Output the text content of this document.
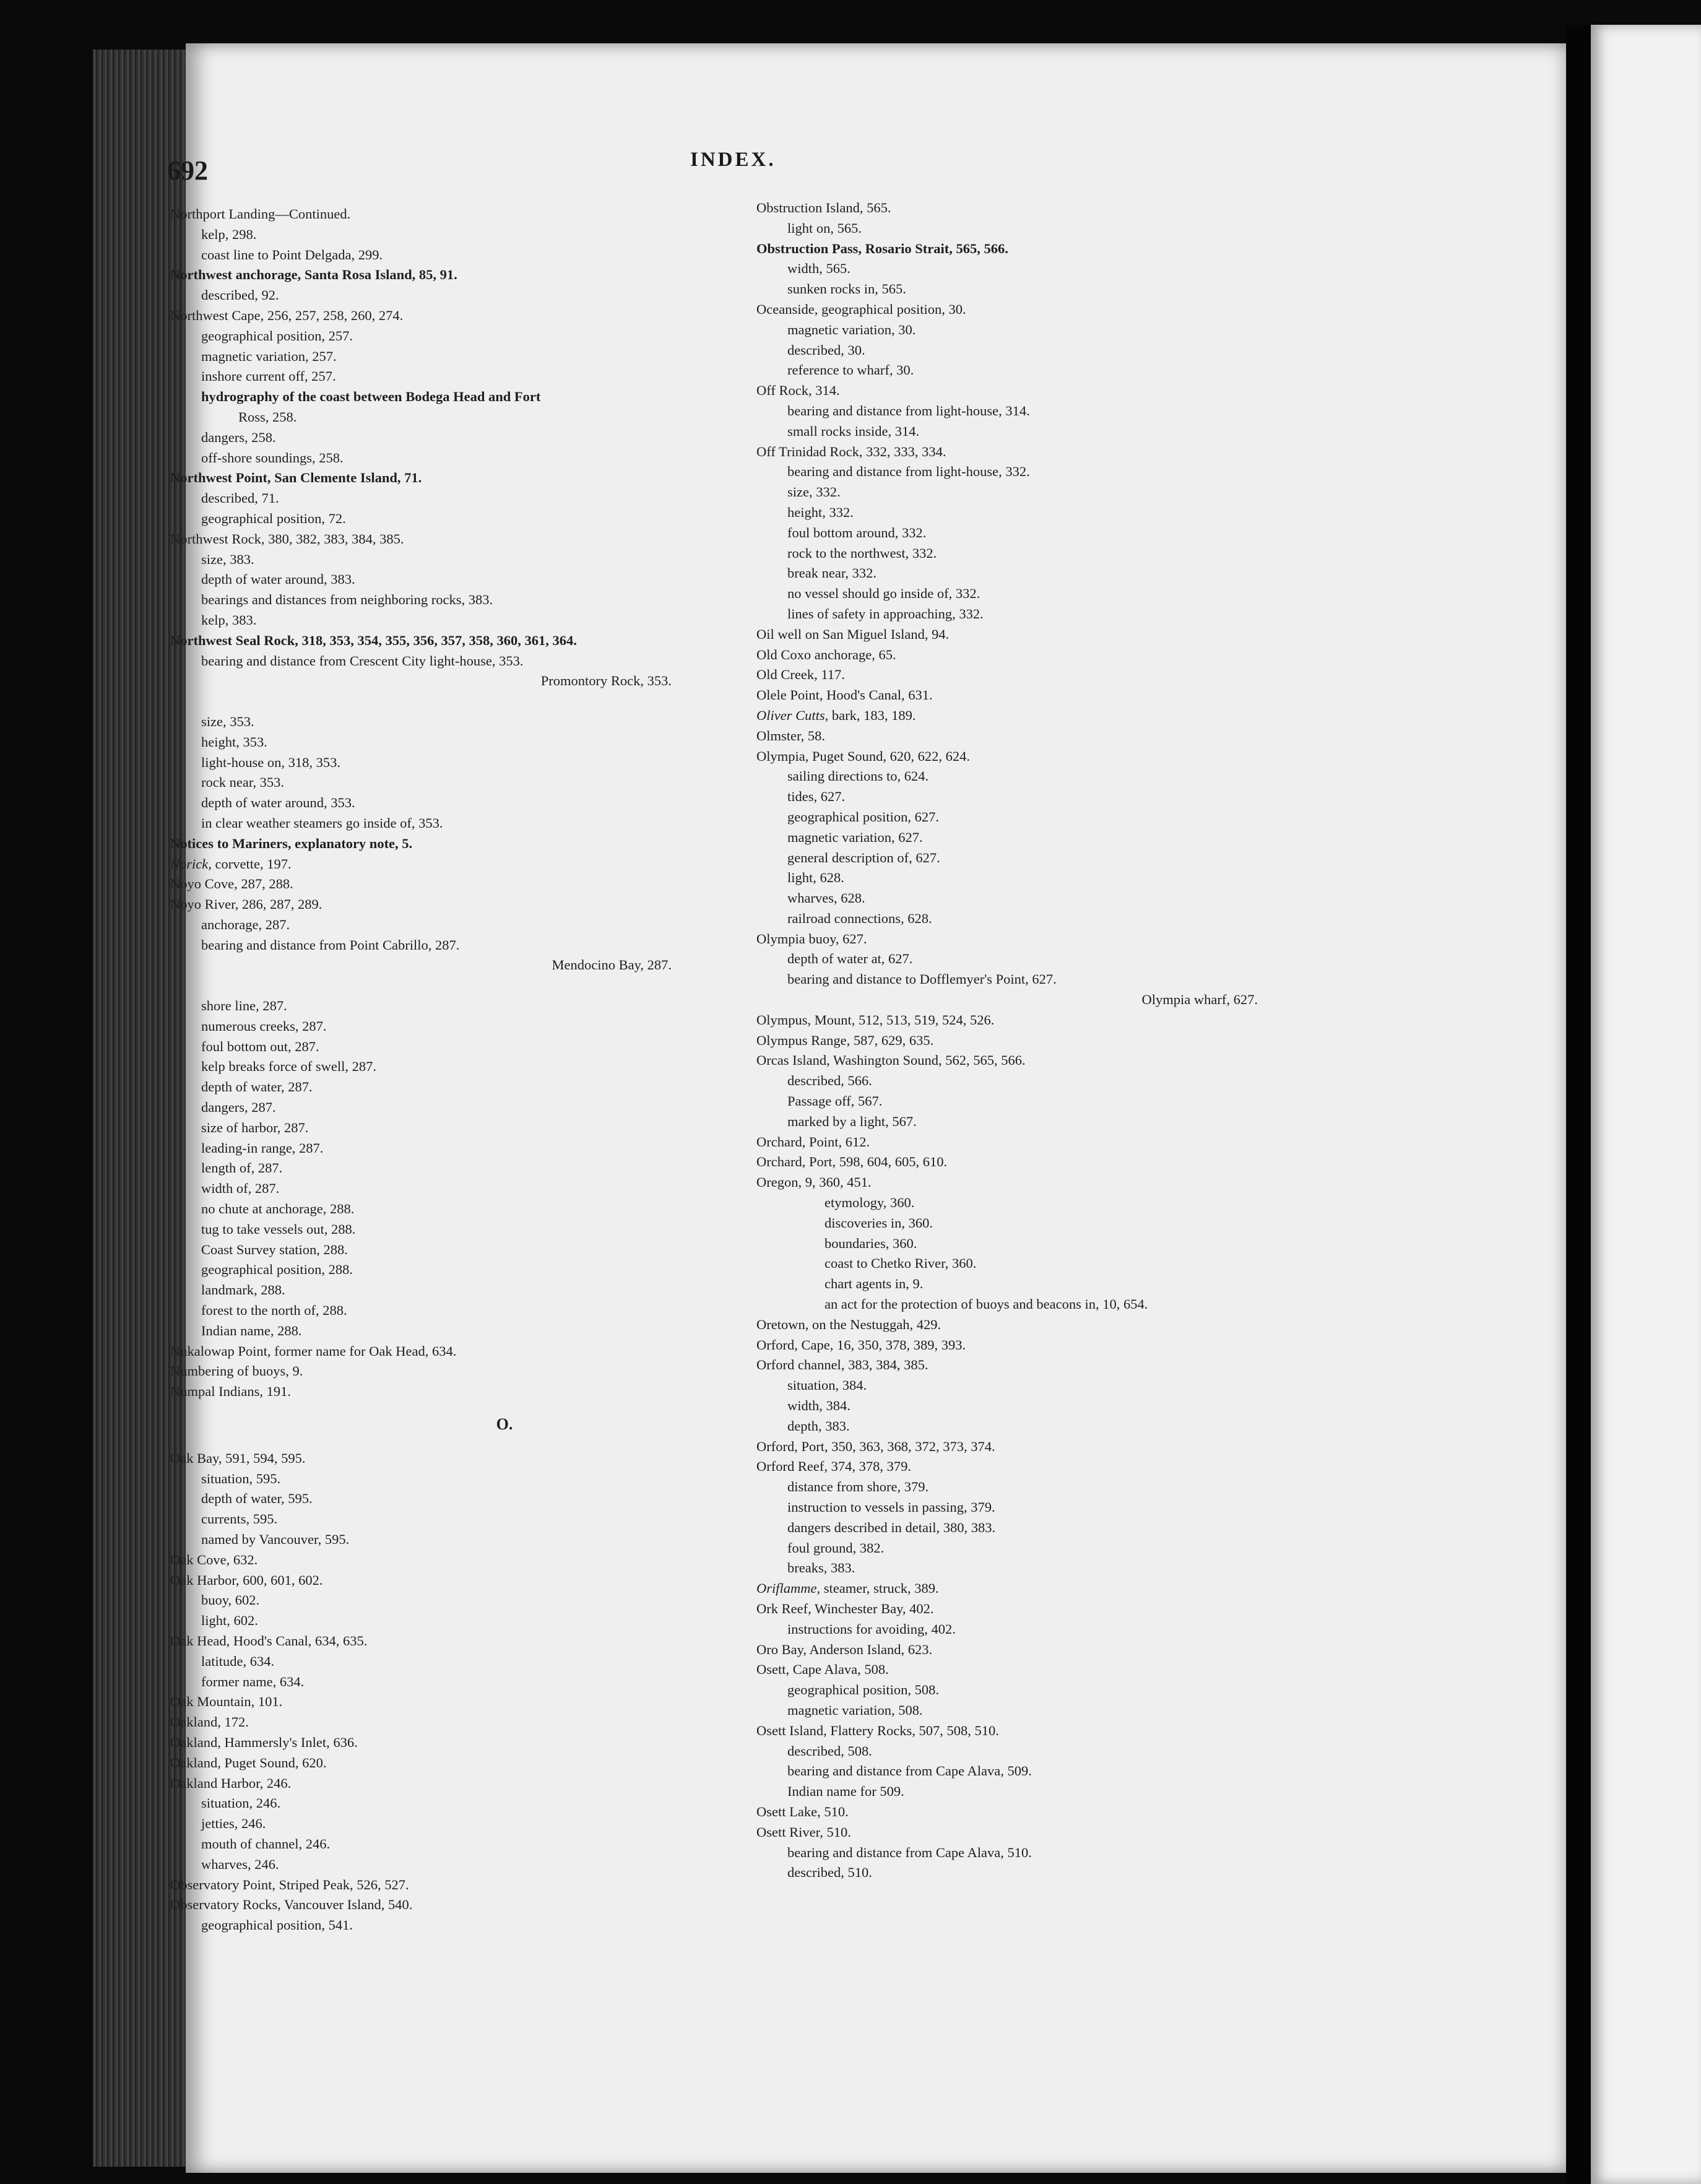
692	INDEX.

Northport Landing—Continued.
kelp, 298.
coast line to Point Delgada, 299.
Northwest anchorage, Santa Rosa Island, 85, 91.
described, 92.
Northwest Cape, 256, 257, 258, 260, 274.
geographical position, 257.
magnetic variation, 257.
inshore current off, 257.
hydrography of the coast between Bodega Head and Fort
Ross, 258.
dangers, 258.
off-shore soundings, 258.
Northwest Point, San Clemente Island, 71.
described, 71.
geographical position, 72.
Northwest Rock, 380, 382, 383, 384, 385.
size, 383.
depth of water around, 383.
bearings and distances from neighboring rocks, 383.
kelp, 383.
Northwest Seal Rock, 318, 353, 354, 355, 356, 357, 358, 360, 361, 364.
bearing and distance from Crescent City light-house, 353.
Promontory Rock, 353.

size, 353.
height, 353.
light-house on, 318, 353.
rock near, 353.
depth of water around, 353.
in clear weather steamers go inside of, 353.
Notices to Mariners, explanatory note, 5.
Norick, corvette, 197.
Noyo Cove, 287, 288.
Noyo River, 286, 287, 289.
anchorage, 287.
bearing and distance from Point Cabrillo, 287.
Mendocino Bay, 287.

shore line, 287.
numerous creeks, 287.
foul bottom out, 287.
kelp breaks force of swell, 287.
depth of water, 287.
dangers, 287.
size of harbor, 287.
leading-in range, 287.
length of, 287.
width of, 287.
no chute at anchorage, 288.
tug to take vessels out, 288.
Coast Survey station, 288.
geographical position, 288.
landmark, 288.
forest to the north of, 288.
Indian name, 288.
Nukalowap Point, former name for Oak Head, 634.
Numbering of buoys, 9.
Numpal Indians, 191.
O.
Oak Bay, 591, 594, 595.
situation, 595.
depth of water, 595.
currents, 595.
named by Vancouver, 595.
Oak Cove, 632.
Oak Harbor, 600, 601, 602.
buoy, 602.
light, 602.
Oak Head, Hood's Canal, 634, 635.
latitude, 634.
former name, 634.
Oak Mountain, 101.
Oakland, 172.
Oakland, Hammersly's Inlet, 636.
Oakland, Puget Sound, 620.
Oakland Harbor, 246.
situation, 246.
jetties, 246.
mouth of channel, 246.
wharves, 246.
Observatory Point, Striped Peak, 526, 527.
Observatory Rocks, Vancouver Island, 540.
geographical position, 541.
Obstruction Island, 565.
light on, 565.
Obstruction Pass, Rosario Strait, 565, 566.
width, 565.
sunken rocks in, 565.
Oceanside, geographical position, 30.
magnetic variation, 30.
described, 30.
reference to wharf, 30.
Off Rock, 314.
bearing and distance from light-house, 314.
small rocks inside, 314.
Off Trinidad Rock, 332, 333, 334.
bearing and distance from light-house, 332.
size, 332.
height, 332.
foul bottom around, 332.
rock to the northwest, 332.
break near, 332.
no vessel should go inside of, 332.
lines of safety in approaching, 332.
Oil well on San Miguel Island, 94.
Old Coxo anchorage, 65.
Old Creek, 117.
Olele Point, Hood's Canal, 631.
Oliver Cutts, bark, 183, 189.
Olmster, 58.
Olympia, Puget Sound, 620, 622, 624.
sailing directions to, 624.
tides, 627.
geographical position, 627.
magnetic variation, 627.
general description of, 627.
light, 628.
wharves, 628.
railroad connections, 628.
Olympia buoy, 627.
depth of water at, 627.
bearing and distance to Dofflemyer's Point, 627.
Olympia wharf, 627.
Olympus, Mount, 512, 513, 519, 524, 526.
Olympus Range, 587, 629, 635.
Orcas Island, Washington Sound, 562, 565, 566.
described, 566.
Passage off, 567.
marked by a light, 567.
Orchard, Point, 612.
Orchard, Port, 598, 604, 605, 610.
Oregon, 9, 360, 451.
etymology, 360.
discoveries in, 360.
boundaries, 360.
coast to Chetko River, 360.
chart agents in, 9.
an act for the protection of buoys and beacons in, 10, 654.
Oretown, on the Nestuggah, 429.
Orford, Cape, 16, 350, 378, 389, 393.
Orford channel, 383, 384, 385.
situation, 384.
width, 384.
depth, 383.
Orford, Port, 350, 363, 368, 372, 373, 374.
Orford Reef, 374, 378, 379.
distance from shore, 379.
instruction to vessels in passing, 379.
dangers described in detail, 380, 383.
foul ground, 382.
breaks, 383.
Oriflamme, steamer, struck, 389.
Ork Reef, Winchester Bay, 402.
instructions for avoiding, 402.
Oro Bay, Anderson Island, 623.
Osett, Cape Alava, 508.
geographical position, 508.
magnetic variation, 508.
Osett Island, Flattery Rocks, 507, 508, 510.
described, 508.
bearing and distance from Cape Alava, 509.
Indian name for 509.
Osett Lake, 510.
Osett River, 510.
bearing and distance from Cape Alava, 510.
described, 510.
